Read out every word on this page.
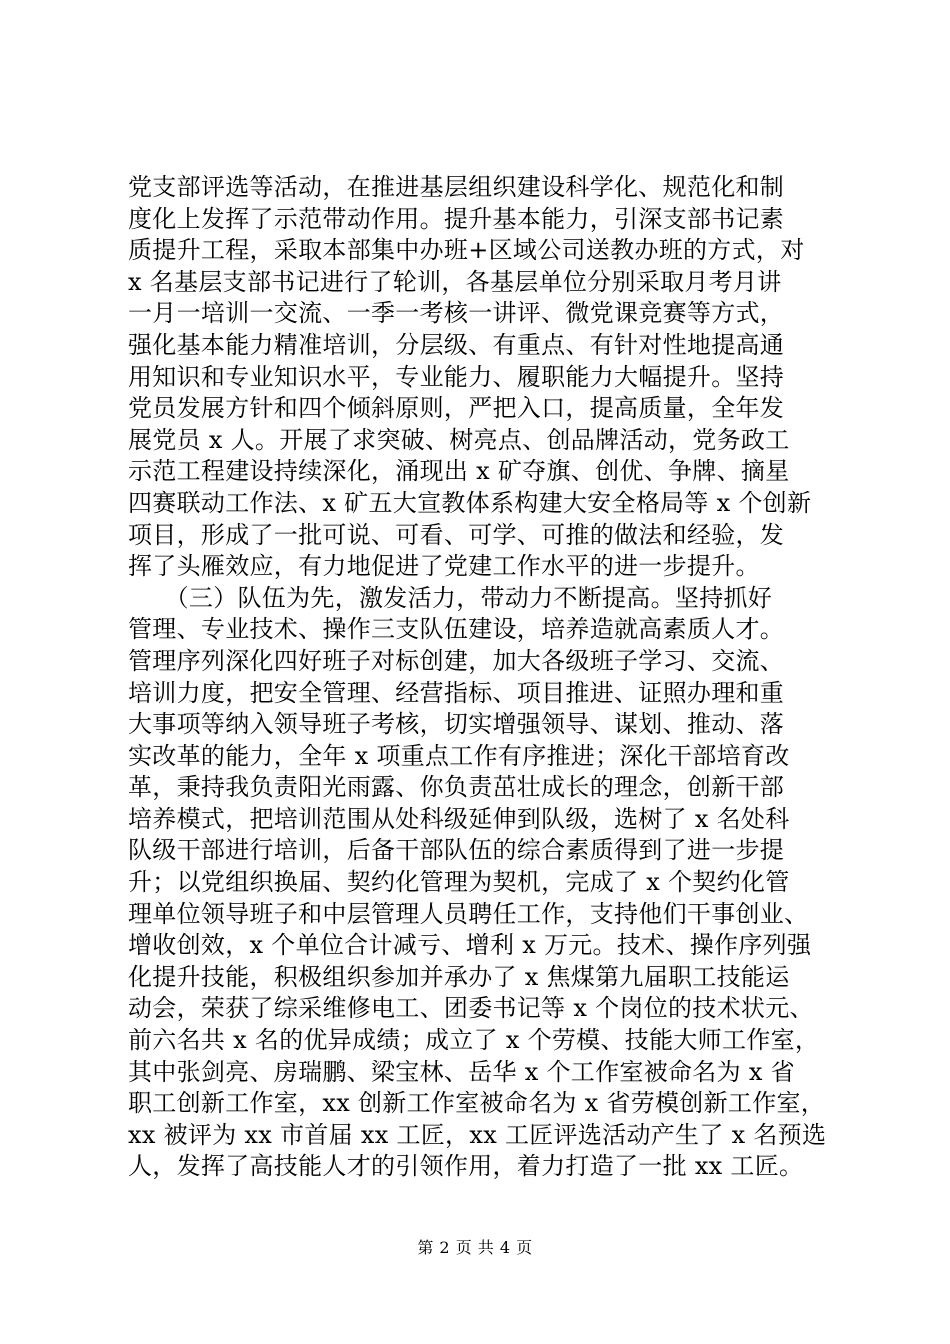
党支部评选等活动，在推进基层组织建设科学化、规范化和制
度化上发挥了示范带动作用。提升基本能力，引深支部书记素
质提升工程，采取本部集中办班+区域公司送教办班的方式，对
x 名基层支部书记进行了轮训，各基层单位分别采取月考月讲
一月一培训一交流、一季一考核一讲评、微党课竞赛等方式，
强化基本能力精准培训，分层级、有重点、有针对性地提高通
用知识和专业知识水平，专业能力、履职能力大幅提升。坚持
党员发展方针和四个倾斜原则，严把入口，提高质量，全年发
展党员 x 人。开展了求突破、树亮点、创品牌活动，党务政工
示范工程建设持续深化，涌现出 x 矿夺旗、创优、争牌、摘星
四赛联动工作法、x 矿五大宣教体系构建大安全格局等 x 个创新
项目，形成了一批可说、可看、可学、可推的做法和经验，发
挥了头雁效应，有力地促进了党建工作水平的进一步提升。
　　（三）队伍为先，激发活力，带动力不断提高。坚持抓好
管理、专业技术、操作三支队伍建设，培养造就高素质人才。
管理序列深化四好班子对标创建，加大各级班子学习、交流、
培训力度，把安全管理、经营指标、项目推进、证照办理和重
大事项等纳入领导班子考核，切实增强领导、谋划、推动、落
实改革的能力，全年 x 项重点工作有序推进；深化干部培育改
革，秉持我负责阳光雨露、你负责茁壮成长的理念，创新干部
培养模式，把培训范围从处科级延伸到队级，选树了 x 名处科
队级干部进行培训，后备干部队伍的综合素质得到了进一步提
升；以党组织换届、契约化管理为契机，完成了 x 个契约化管
理单位领导班子和中层管理人员聘任工作，支持他们干事创业、
增收创效，x 个单位合计减亏、增利 x 万元。技术、操作序列强
化提升技能，积极组织参加并承办了 x 焦煤第九届职工技能运
动会，荣获了综采维修电工、团委书记等 x 个岗位的技术状元、
前六名共 x 名的优异成绩；成立了 x 个劳模、技能大师工作室，
其中张剑亮、房瑞鹏、梁宝林、岳华 x 个工作室被命名为 x 省
职工创新工作室，xx 创新工作室被命名为 x 省劳模创新工作室，
xx 被评为 xx 市首届 xx 工匠，xx 工匠评选活动产生了 x 名预选
人，发挥了高技能人才的引领作用，着力打造了一批 xx 工匠。
第 2 页 共 4 页
